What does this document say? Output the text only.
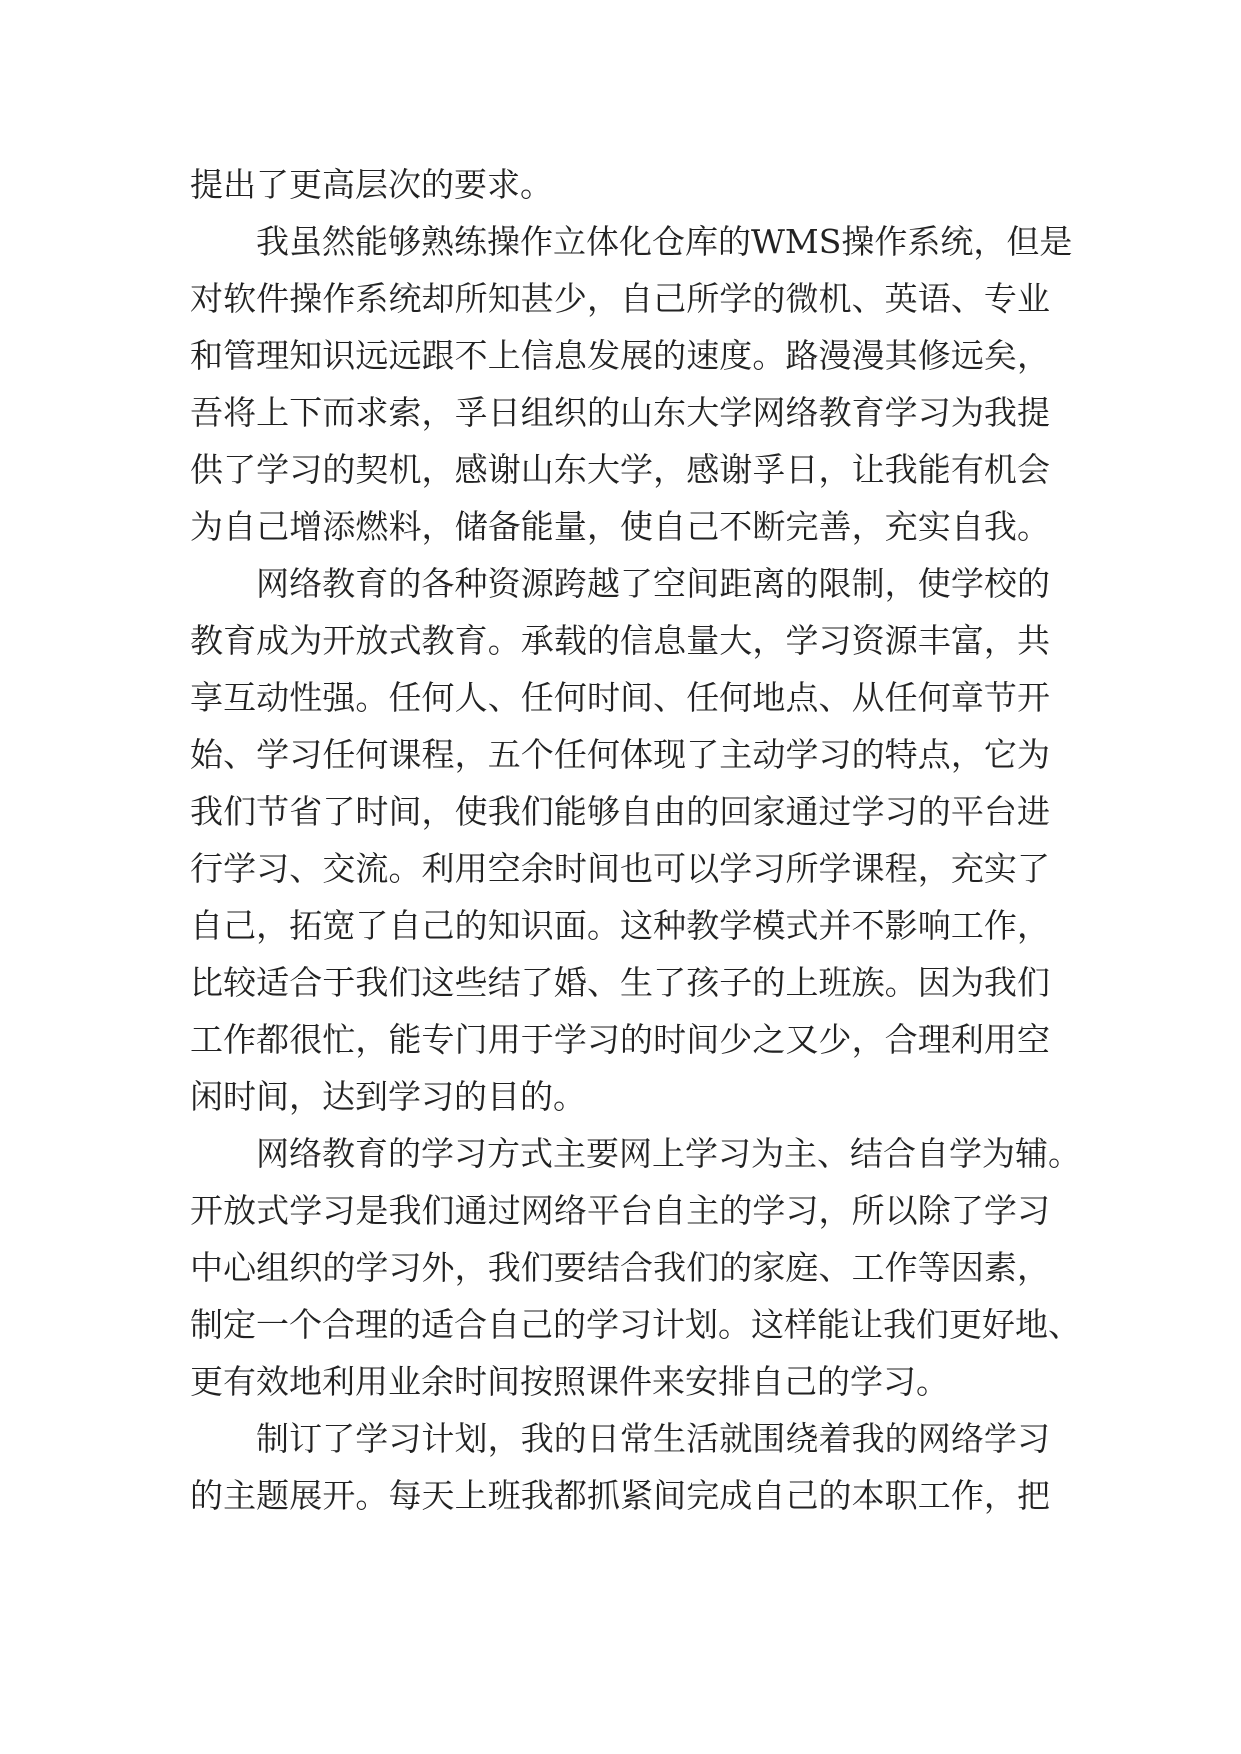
提出了更高层次的要求。
我虽然能够熟练操作立体化仓库的WMS操作系统，但是
对软件操作系统却所知甚少，自己所学的微机、英语、专业
和管理知识远远跟不上信息发展的速度。路漫漫其修远矣，
吾将上下而求索，孚日组织的山东大学网络教育学习为我提
供了学习的契机，感谢山东大学，感谢孚日，让我能有机会
为自己增添燃料，储备能量，使自己不断完善，充实自我。
网络教育的各种资源跨越了空间距离的限制，使学校的
教育成为开放式教育。承载的信息量大，学习资源丰富，共
享互动性强。任何人、任何时间、任何地点、从任何章节开
始、学习任何课程，五个任何体现了主动学习的特点，它为
我们节省了时间，使我们能够自由的回家通过学习的平台进
行学习、交流。利用空余时间也可以学习所学课程，充实了
自己，拓宽了自己的知识面。这种教学模式并不影响工作，
比较适合于我们这些结了婚、生了孩子的上班族。因为我们
工作都很忙，能专门用于学习的时间少之又少，合理利用空
闲时间，达到学习的目的。
网络教育的学习方式主要网上学习为主、结合自学为辅。
开放式学习是我们通过网络平台自主的学习，所以除了学习
中心组织的学习外，我们要结合我们的家庭、工作等因素，
制定一个合理的适合自己的学习计划。这样能让我们更好地、
更有效地利用业余时间按照课件来安排自己的学习。
制订了学习计划，我的日常生活就围绕着我的网络学习
的主题展开。每天上班我都抓紧间完成自己的本职工作，把
